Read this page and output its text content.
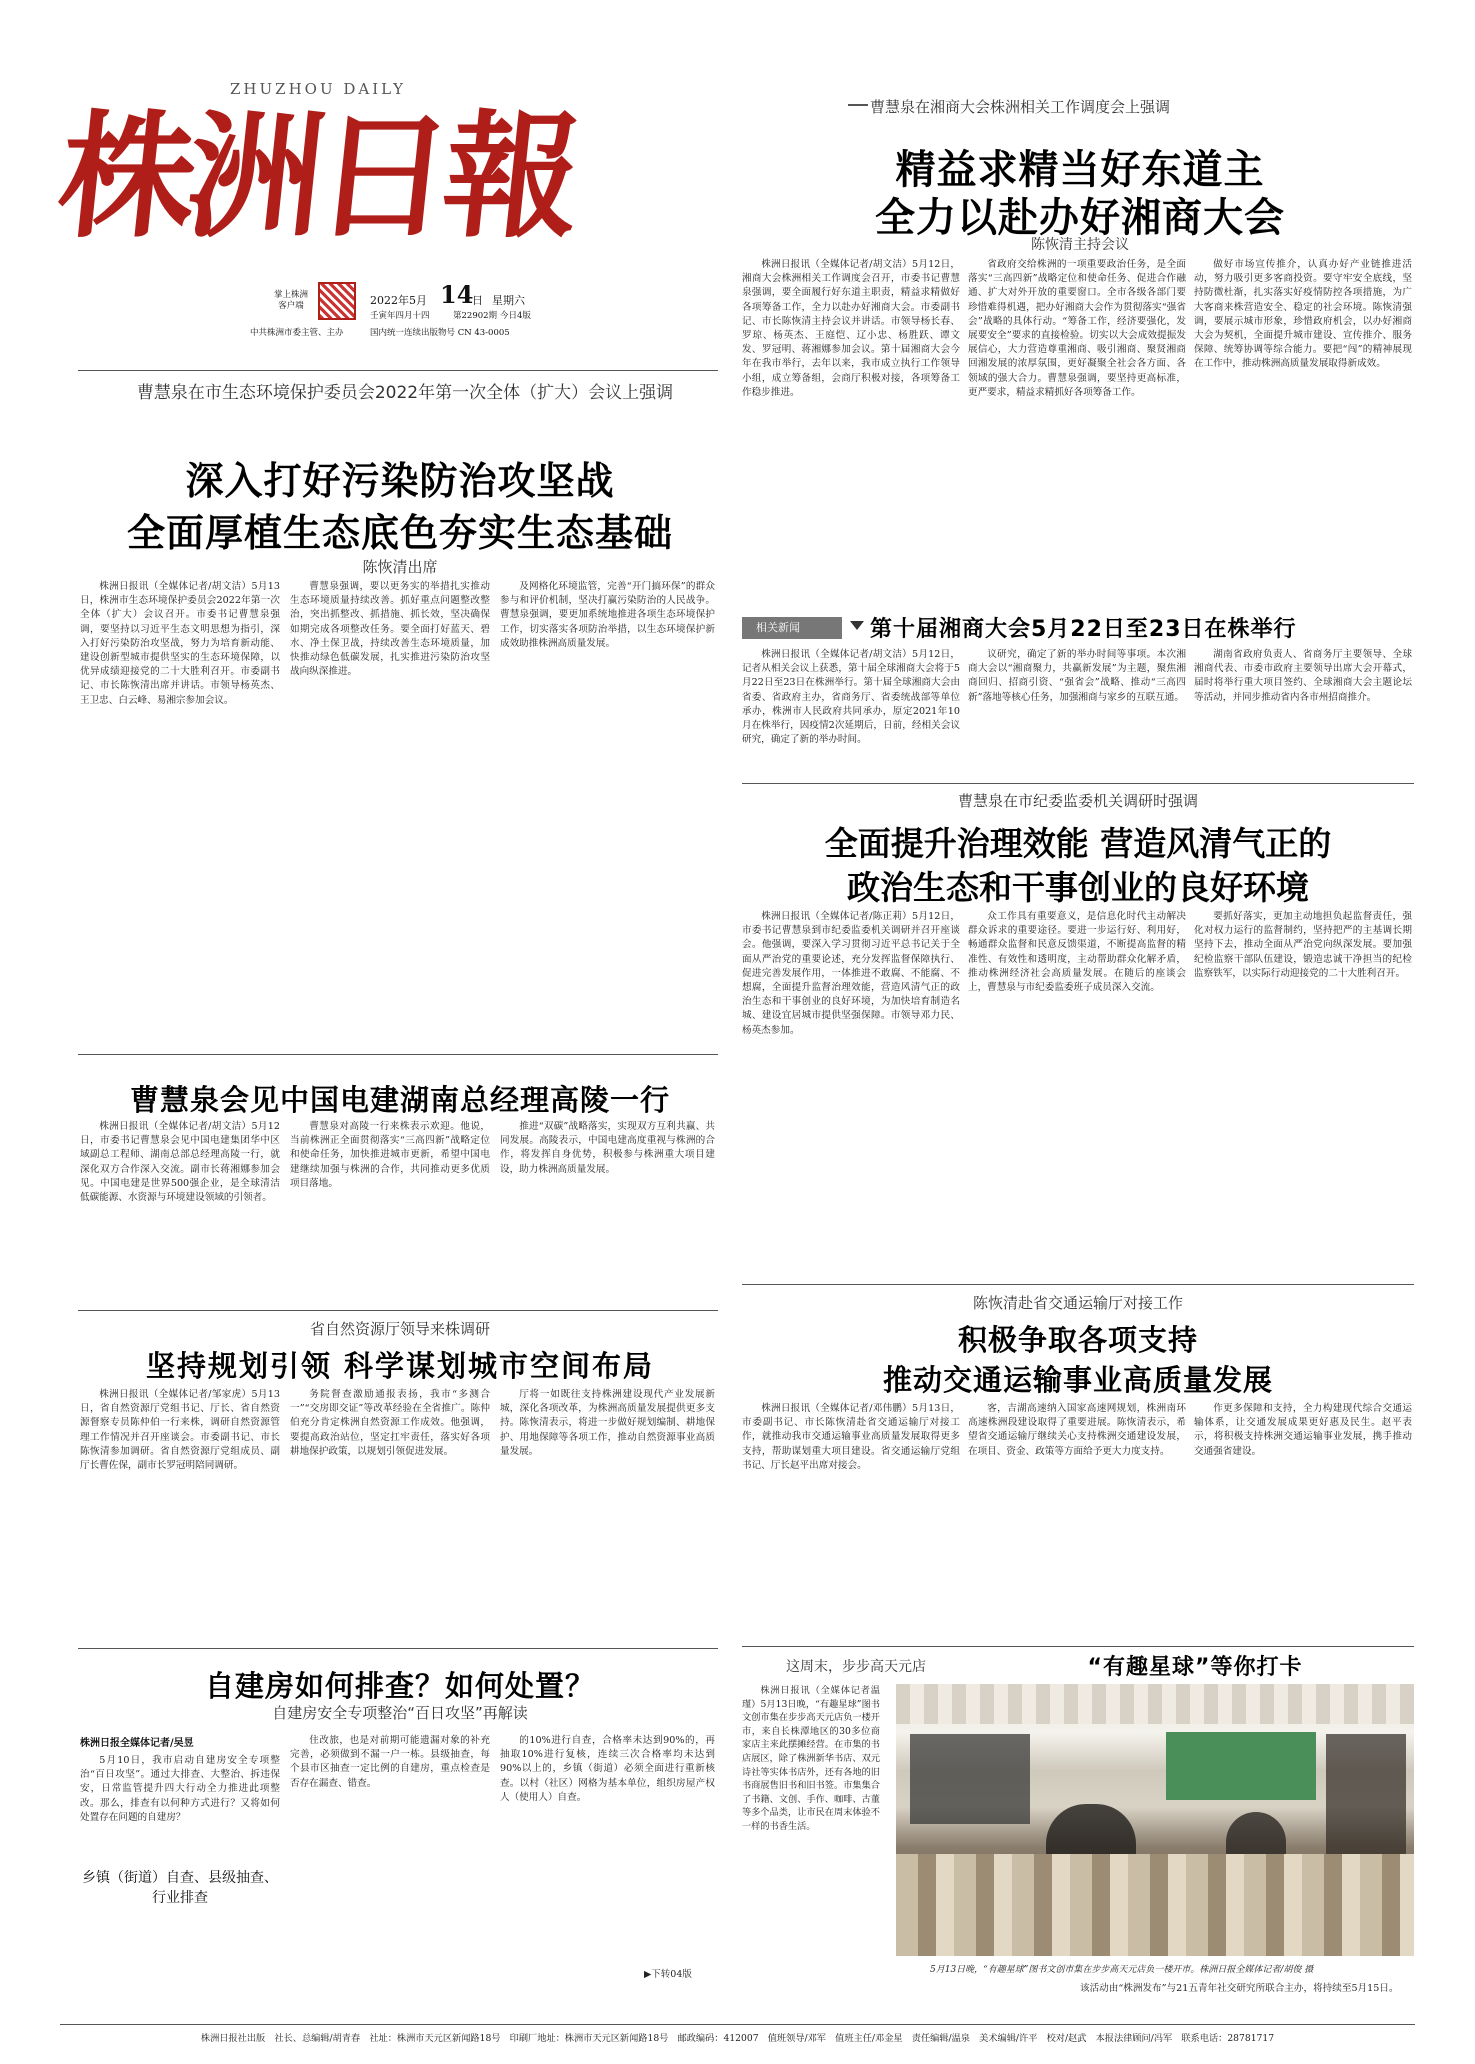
ZHUZHOU DAILY
株洲日報
掌上株洲
客户端	2022年5月 14
日 星期六
壬寅年四月十四	第22902期 今日4版
中共株洲市委主管、主办	国内统一连续出版物号 CN 43-0005
曹慧泉在湘商大会株洲相关工作调度会上强调
精益求精当好东道主
全力以赴办好湘商大会
陈恢清主持会议
株洲日报讯（全媒体记者/胡文洁）5月12日，湘商大会株洲相关工作调度会召开，市委书记曹慧泉强调，要全面履行好东道主职责，精益求精做好各项筹备工作，全力以赴办好湘商大会。市委副书记、市长陈恢清主持会议并讲话。市领导杨长春、罗琼、杨英杰、王庭恺、辽小忠、杨胜跃、谭文发、罗冠明、蒋湘娜参加会议。第十届湘商大会今年在我市举行，去年以来，我市成立执行工作领导小组，成立筹备组，会商厅积极对接，各项筹备工作稳步推进。
省政府交给株洲的一项重要政治任务，是全面落实“三高四新”战略定位和使命任务、促进合作融通、扩大对外开放的重要窗口。全市各级各部门要珍惜难得机遇，把办好湘商大会作为贯彻落实“强省会”战略的具体行动。“筹备工作，经济要强化，发展要安全”要求的直接检验。切实以大会成效提振发展信心，大力营造尊重湘商、吸引湘商、聚贤湘商回湘发展的浓厚氛围，更好凝聚全社会各方面、各领域的强大合力。曹慧泉强调，要坚持更高标准，更严要求，精益求精抓好各项筹备工作。
做好市场宣传推介，认真办好产业链推进活动，努力吸引更多客商投资。要守牢安全底线，坚持防微杜渐，扎实落实好疫情防控各项措施，为广大客商来株营造安全、稳定的社会环境。陈恢清强调，要展示城市形象，珍惜政府机会，以办好湘商大会为契机，全面提升城市建设、宣传推介、服务保障、统筹协调等综合能力。要把“闯”的精神展现在工作中，推动株洲高质量发展取得新成效。
相关新闻	第十届湘商大会5月22日至23日在株举行
株洲日报讯（全媒体记者/胡文洁）5月12日，记者从相关会议上获悉，第十届全球湘商大会将于5月22日至23日在株洲举行。第十届全球湘商大会由省委、省政府主办，省商务厅、省委统战部等单位承办，株洲市人民政府共同承办，原定2021年10月在株举行，因疫情2次延期后，日前，经相关会议研究，确定了新的举办时间。
议研究，确定了新的举办时间等事项。本次湘商大会以“湘商聚力，共赢新发展”为主题，聚焦湘商回归、招商引资、“强省会”战略、推动“三高四新”落地等核心任务，加强湘商与家乡的互联互通。
湖南省政府负责人、省商务厅主要领导、全球湘商代表、市委市政府主要领导出席大会开幕式，届时将举行重大项目签约、全球湘商大会主题论坛等活动，并同步推动省内各市州招商推介。
曹慧泉在市生态环境保护委员会2022年第一次全体（扩大）会议上强调
深入打好污染防治攻坚战
全面厚植生态底色夯实生态基础
陈恢清出席
株洲日报讯（全媒体记者/胡文洁）5月13日，株洲市生态环境保护委员会2022年第一次全体（扩大）会议召开。市委书记曹慧泉强调，要坚持以习近平生态文明思想为指引，深入打好污染防治攻坚战，努力为培育新动能、建设创新型城市提供坚实的生态环境保障，以优异成绩迎接党的二十大胜利召开。市委副书记、市长陈恢清出席并讲话。市领导杨英杰、王卫忠、白云峰、易湘宗参加会议。
曹慧泉强调，要以更务实的举措扎实推动生态环境质量持续改善。抓好重点问题整改整治，突出抓整改、抓措施、抓长效，坚决确保如期完成各项整改任务。要全面打好蓝天、碧水、净土保卫战，持续改善生态环境质量，加快推动绿色低碳发展，扎实推进污染防治攻坚战向纵深推进。
及网格化环境监管，完善“开门搞环保”的群众参与和评价机制，坚决打赢污染防治的人民战争。曹慧泉强调，要更加系统地推进各项生态环境保护工作，切实落实各项防治举措，以生态环境保护新成效助推株洲高质量发展。
曹慧泉会见中国电建湖南总经理高陵一行
株洲日报讯（全媒体记者/胡文洁）5月12日，市委书记曹慧泉会见中国电建集团华中区域副总工程师、湖南总部总经理高陵一行，就深化双方合作深入交流。副市长蒋湘娜参加会见。中国电建是世界500强企业，是全球清洁低碳能源、水资源与环境建设领域的引领者。
曹慧泉对高陵一行来株表示欢迎。他说，当前株洲正全面贯彻落实“三高四新”战略定位和使命任务，加快推进城市更新，希望中国电建继续加强与株洲的合作，共同推动更多优质项目落地。
推进“双碳”战略落实，实现双方互利共赢、共同发展。高陵表示，中国电建高度重视与株洲的合作，将发挥自身优势，积极参与株洲重大项目建设，助力株洲高质量发展。
省自然资源厅领导来株调研
坚持规划引领 科学谋划城市空间布局
株洲日报讯（全媒体记者/邹家虎）5月13日，省自然资源厅党组书记、厅长、省自然资源督察专员陈仲伯一行来株，调研自然资源管理工作情况并召开座谈会。市委副书记、市长陈恢清参加调研。省自然资源厅党组成员、副厅长曹佐保，副市长罗冠明陪同调研。
务院督查激励通报表扬，我市“多测合一”“交房即交证”等改革经验在全省推广。陈仲伯充分肯定株洲自然资源工作成效。他强调，要提高政治站位，坚定扛牢责任，落实好各项耕地保护政策，以规划引领促进发展。
厅将一如既往支持株洲建设现代产业发展新城，深化各项改革，为株洲高质量发展提供更多支持。陈恢清表示，将进一步做好规划编制、耕地保护、用地保障等各项工作，推动自然资源事业高质量发展。
自建房如何排查？如何处置？
自建房安全专项整治“百日攻坚”再解读
株洲日报全媒体记者/吴昱
5月10日，我市启动自建房安全专项整治“百日攻坚”。通过大排查、大整治、拆违保安，日常监管提升四大行动全力推进此项整改。那么，排查有以何种方式进行？又将如何处置存在问题的自建房？
乡镇（街道）自查、县级抽查、行业排查
住改旅，也是对前期可能遗漏对象的补充完善，必须做到不漏一户一栋。县级抽查，每个县市区抽查一定比例的自建房，重点检查是否存在漏查、错查。
的10%进行自查，合格率未达到90%的，再抽取10%进行复核，连续三次合格率均未达到90%以上的，乡镇（街道）必须全面进行重新核查。以村（社区）网格为基本单位，组织房屋产权人（使用人）自查。
▶下转04版
曹慧泉在市纪委监委机关调研时强调
全面提升治理效能 营造风清气正的
政治生态和干事创业的良好环境
株洲日报讯（全媒体记者/陈正莉）5月12日，市委书记曹慧泉到市纪委监委机关调研并召开座谈会。他强调，要深入学习贯彻习近平总书记关于全面从严治党的重要论述，充分发挥监督保障执行、促进完善发展作用，一体推进不敢腐、不能腐、不想腐，全面提升监督治理效能，营造风清气正的政治生态和干事创业的良好环境，为加快培育制造名城、建设宜居城市提供坚强保障。市领导邓力民、杨英杰参加。
众工作具有重要意义，是信息化时代主动解决群众诉求的重要途径。要进一步运行好、利用好，畅通群众监督和民意反馈渠道，不断提高监督的精准性、有效性和透明度，主动帮助群众化解矛盾，推动株洲经济社会高质量发展。在随后的座谈会上，曹慧泉与市纪委监委班子成员深入交流。
要抓好落实，更加主动地担负起监督责任，强化对权力运行的监督制约，坚持把严的主基调长期坚持下去，推动全面从严治党向纵深发展。要加强纪检监察干部队伍建设，锻造忠诚干净担当的纪检监察铁军，以实际行动迎接党的二十大胜利召开。
陈恢清赴省交通运输厅对接工作
积极争取各项支持
推动交通运输事业高质量发展
株洲日报讯（全媒体记者/邓伟鹏）5月13日，市委副书记、市长陈恢清赴省交通运输厅对接工作，就推动我市交通运输事业高质量发展取得更多支持，帮助谋划重大项目建设。省交通运输厅党组书记、厅长赵平出席对接会。
客，吉湖高速纳入国家高速网规划，株洲南环高速株洲段建设取得了重要进展。陈恢清表示，希望省交通运输厅继续关心支持株洲交通建设发展，在项目、资金、政策等方面给予更大力度支持。
作更多保障和支持，全力构建现代综合交通运输体系，让交通发展成果更好惠及民生。赵平表示，将积极支持株洲交通运输事业发展，携手推动交通强省建设。
这周末，步步高天元店	“有趣星球”等你打卡
株洲日报讯（全媒体记者温瑾）5月13日晚，“有趣星球”图书文创市集在步步高天元店负一楼开市，来自长株潭地区的30多位商家店主来此摆摊经营。在市集的书店展区，除了株洲新华书店、双元诗社等实体书店外，还有各地的旧书商展售旧书和旧书签。市集集合了书籍、文创、手作、咖啡、古董等多个品类，让市民在周末体验不一样的书香生活。
5月13日晚，“有趣星球”图书文创市集在步步高天元店负一楼开市。株洲日报全媒体记者/胡俊 摄
该活动由“株洲发布”与21五青年社交研究所联合主办，将持续至5月15日。
株洲日报社出版　社长、总编辑/胡青春　社址：株洲市天元区新闻路18号　印刷厂地址：株洲市天元区新闻路18号　邮政编码：412007　值班领导/邓军　值班主任/邓金星　责任编辑/温泉　美术编辑/许平　校对/赵武　本报法律顾问/冯军　联系电话：28781717
